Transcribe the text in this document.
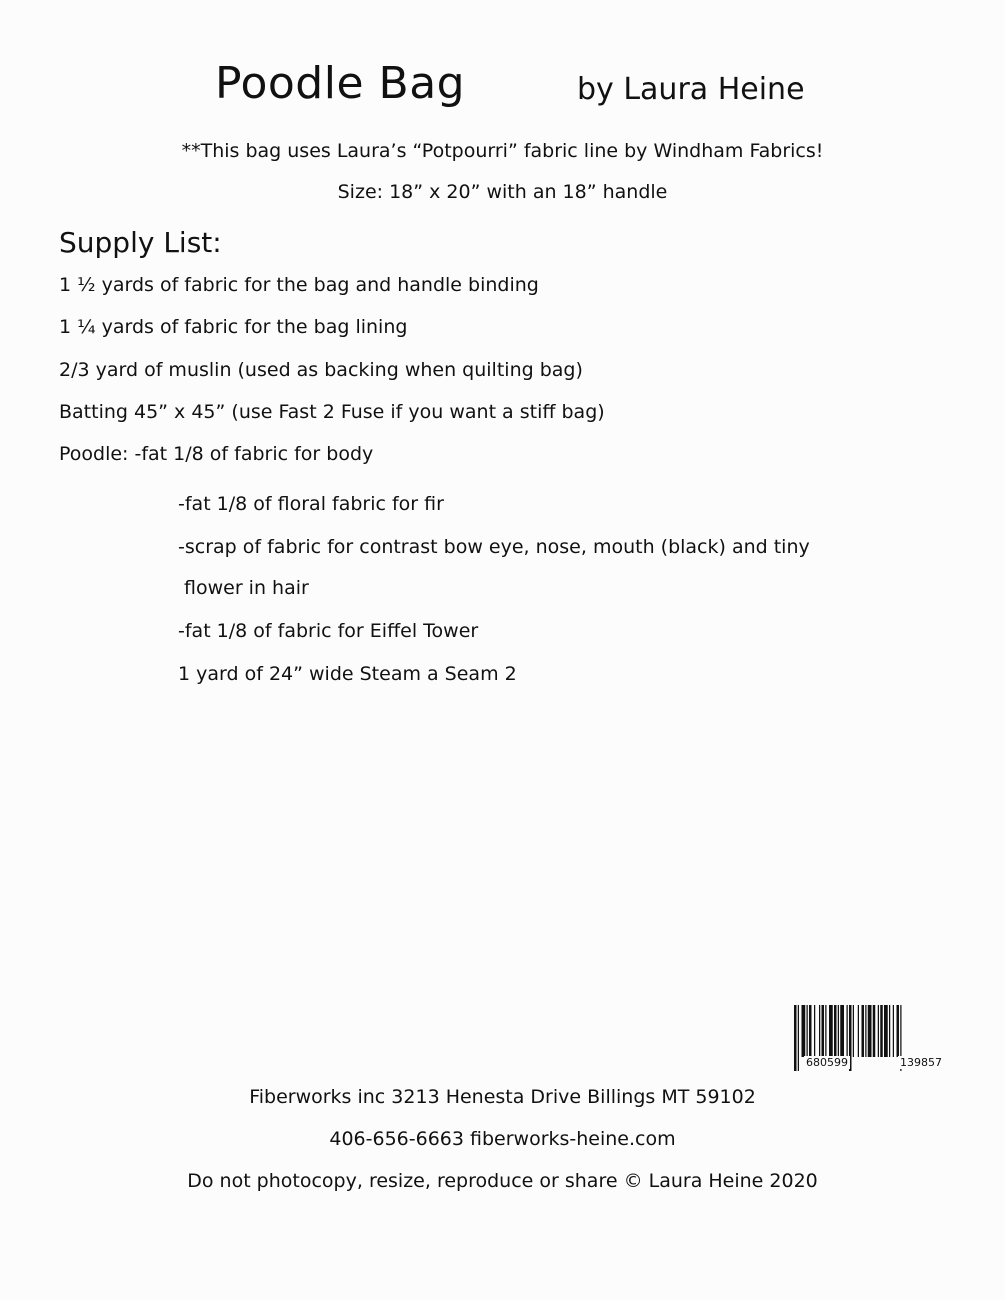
Poodle Bag	by Laura Heine
**This bag uses Laura’s “Potpourri” fabric line by Windham Fabrics!
Size: 18” x 20” with an 18” handle
Supply List:
1 ½ yards of fabric for the bag and handle binding
1 ¼ yards of fabric for the bag lining
2/3 yard of muslin (used as backing when quilting bag)
Batting 45” x 45” (use Fast 2 Fuse if you want a stiff bag)
Poodle: -fat 1/8 of fabric for body
-fat 1/8 of floral fabric for fir
-scrap of fabric for contrast bow eye, nose, mouth (black) and tiny
flower in hair
-fat 1/8 of fabric for Eiffel Tower
1 yard of 24” wide Steam a Seam 2
680599	139857
Fiberworks inc 3213 Henesta Drive Billings MT 59102
406-656-6663 fiberworks-heine.com
Do not photocopy, resize, reproduce or share © Laura Heine 2020
